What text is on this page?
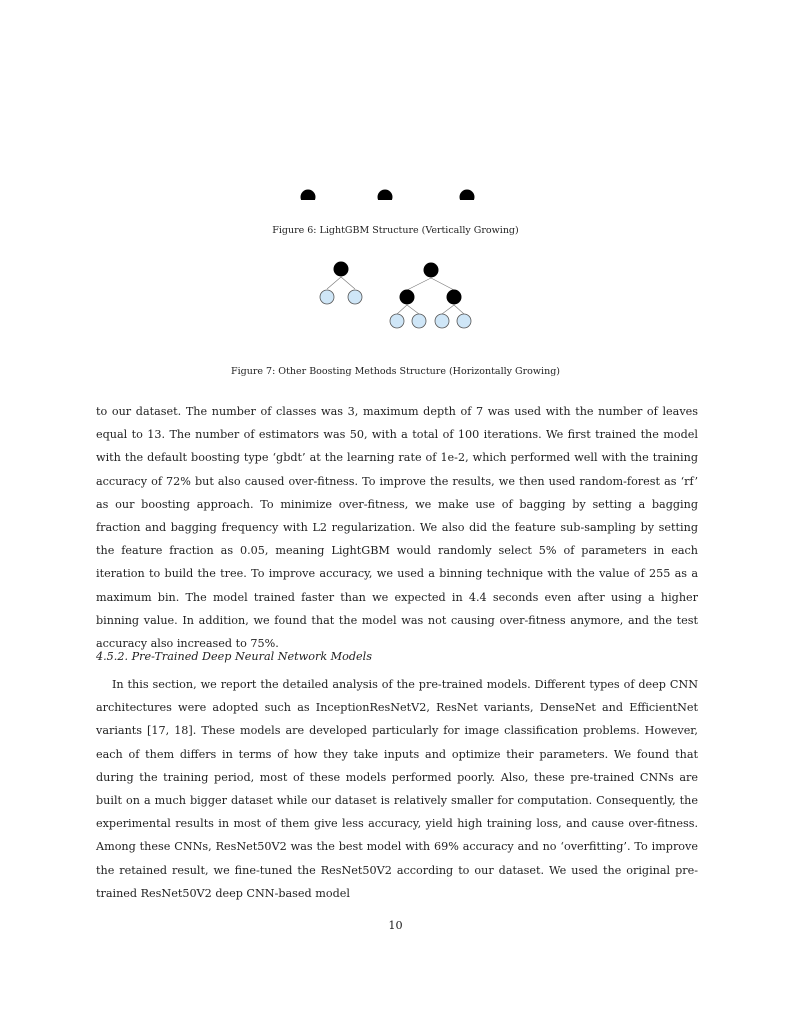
Figure 6: LightGBM Structure (Vertically Growing)
Figure 7: Other Boosting Methods Structure (Horizontally Growing)

to our dataset. The number of classes was 3, maximum depth of 7 was used with the number of leaves equal to 13. The number of estimators was 50, with a total of 100 iterations. We first trained the model with the default boosting type ‘gbdt’ at the learning rate of 1e-2, which performed well with the training accuracy of 72% but also caused over-fitness. To improve the results, we then used random-forest as ‘rf’ as our boosting approach. To minimize over-fitness, we make use of bagging by setting a bagging fraction and bagging frequency with L2 regularization. We also did the feature sub-sampling by setting the feature fraction as 0.05, meaning LightGBM would randomly select 5% of parameters in each iteration to build the tree. To improve accuracy, we used a binning technique with the value of 255 as a maximum bin. The model trained faster than we expected in 4.4 seconds even after using a higher binning value. In addition, we found that the model was not causing over-fitness anymore, and the test accuracy also increased to 75%.

4.5.2. Pre-Trained Deep Neural Network Models

In this section, we report the detailed analysis of the pre-trained models. Different types of deep CNN architectures were adopted such as InceptionResNetV2, ResNet variants, DenseNet and EfficientNet variants [17, 18]. These models are developed particularly for image classification problems. However, each of them differs in terms of how they take inputs and optimize their parameters. We found that during the training period, most of these models performed poorly. Also, these pre-trained CNNs are built on a much bigger dataset while our dataset is relatively smaller for computation. Consequently, the experimental results in most of them give less accuracy, yield high training loss, and cause over-fitness. Among these CNNs, ResNet50V2 was the best model with 69% accuracy and no ‘overfitting’. To improve the retained result, we fine-tuned the ResNet50V2 according to our dataset. We used the original pre-trained ResNet50V2 deep CNN-based model

10
